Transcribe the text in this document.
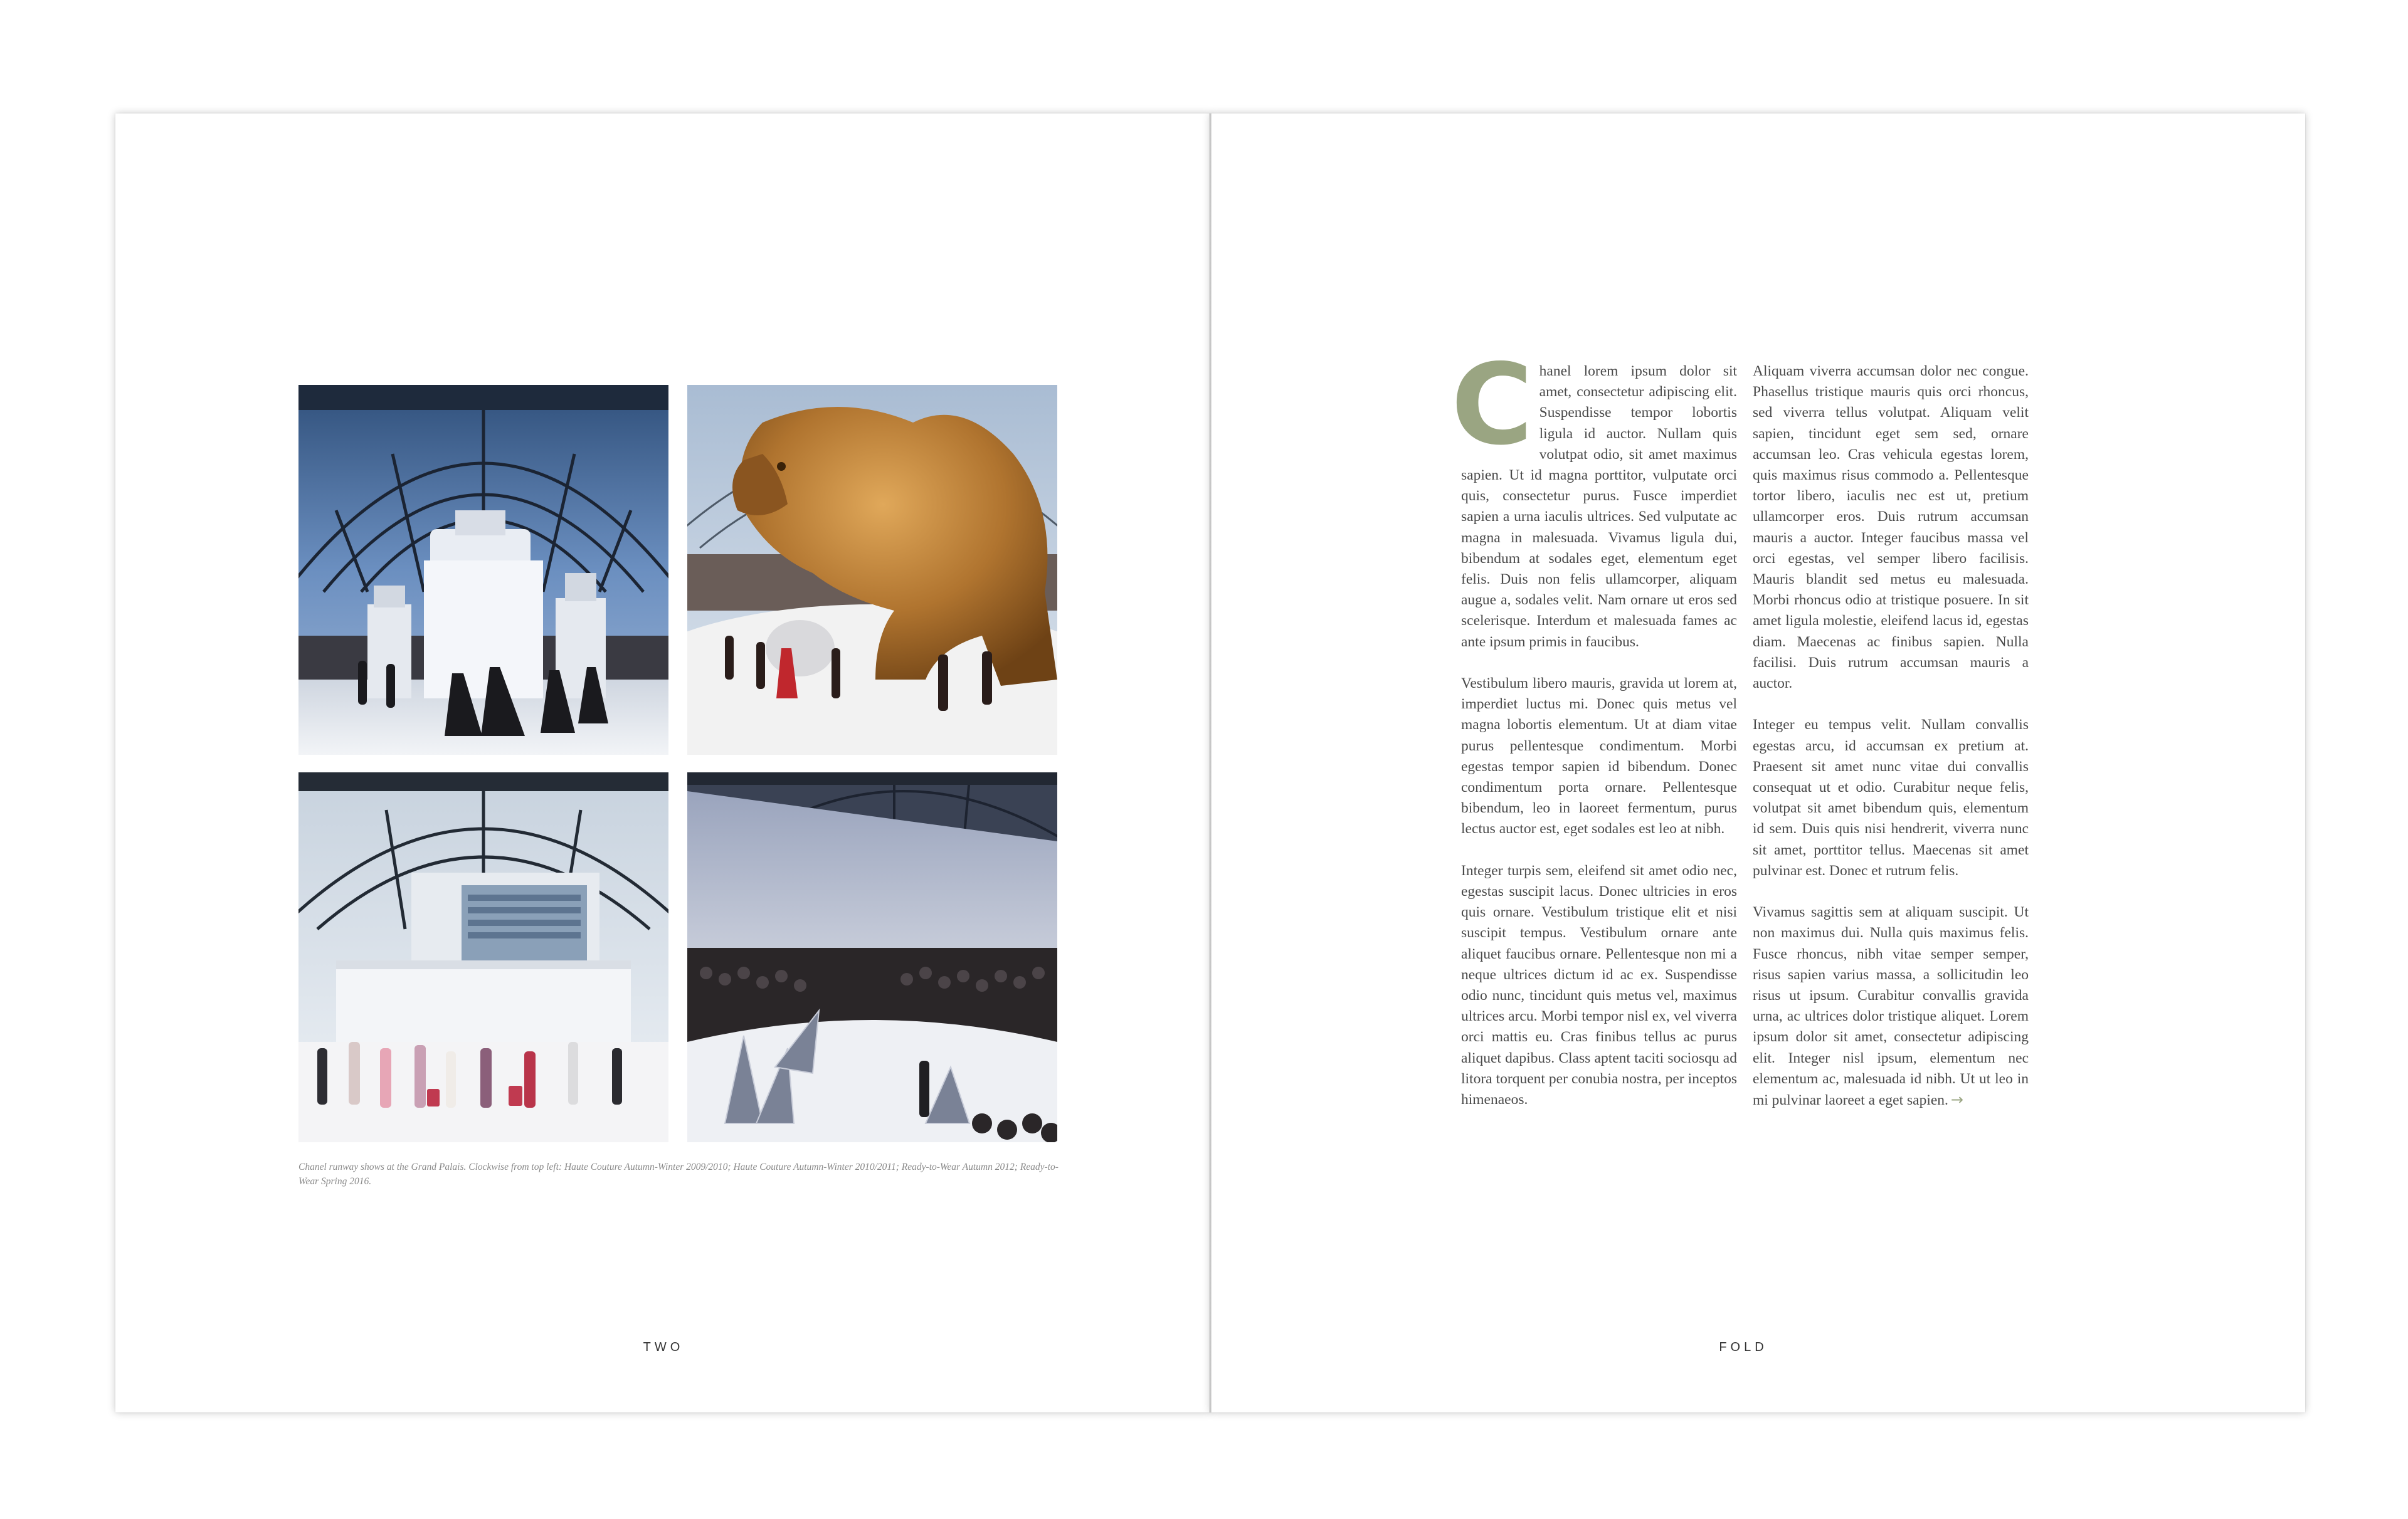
Chanel runway shows at the Grand Palais. Clockwise from top left: Haute Couture Autumn-Winter 2009/2010; Haute Couture Autumn-Winter 2010/2011; Ready-to-Wear Autumn 2012; Ready-to-Wear Spring 2016.

TWO

Chanel lorem ipsum dolor sit amet, consectetur adipiscing elit. Suspendisse tempor lobortis ligula id auctor. Nullam quis volutpat odio, sit amet maximus sapien. Ut id magna porttitor, vulputate orci quis, consectetur purus. Fusce imperdiet sapien a urna iaculis ultrices. Sed vulputate ac magna in malesuada. Vivamus ligula dui, bibendum at sodales eget, elementum eget felis. Duis non felis ullamcorper, aliquam augue a, sodales velit. Nam ornare ut eros sed scelerisque. Interdum et malesuada fames ac ante ipsum primis in faucibus.

Vestibulum libero mauris, gravida ut lorem at, imperdiet luctus mi. Donec quis metus vel magna lobortis elementum. Ut at diam vitae purus pellentesque condimentum. Morbi egestas tempor sapien id bibendum. Donec condimentum porta ornare. Pellentesque bibendum, leo in laoreet fermentum, purus lectus auctor est, eget sodales est leo at nibh.

Integer turpis sem, eleifend sit amet odio nec, egestas suscipit lacus. Donec ultricies in eros quis ornare. Vestibulum tristique elit et nisi suscipit tempus. Vestibulum ornare ante aliquet faucibus ornare. Pellentesque non mi a neque ultrices dictum id ac ex. Suspendisse odio nunc, tincidunt quis metus vel, maximus ultrices arcu. Morbi tempor nisl ex, vel viverra orci mattis eu. Cras finibus tellus ac purus aliquet dapibus. Class aptent taciti sociosqu ad litora torquent per conubia nostra, per inceptos himenaeos.

Aliquam viverra accumsan dolor nec congue. Phasellus tristique mauris quis orci rhoncus, sed viverra tellus volutpat. Aliquam velit sapien, tincidunt eget sem sed, ornare accumsan leo. Cras vehicula egestas lorem, quis maximus risus commodo a. Pellentesque tortor libero, iaculis nec est ut, pretium ullamcorper eros. Duis rutrum accumsan mauris a auctor. Integer faucibus massa vel orci egestas, vel semper libero facilisis. Mauris blandit sed metus eu malesuada. Morbi rhoncus odio at tristique posuere. In sit amet ligula molestie, eleifend lacus id, egestas diam. Maecenas ac finibus sapien. Nulla facilisi. Duis rutrum accumsan mauris a auctor.

Integer eu tempus velit. Nullam convallis egestas arcu, id accumsan ex pretium at. Praesent sit amet nunc vitae dui convallis consequat ut et odio. Curabitur neque felis, volutpat sit amet bibendum quis, elementum id sem. Duis quis nisi hendrerit, viverra nunc sit amet, porttitor tellus. Maecenas sit amet pulvinar est. Donec et rutrum felis.

Vivamus sagittis sem at aliquam suscipit. Ut non maximus dui. Nulla quis maximus felis. Fusce rhoncus, nibh vitae semper semper, risus sapien varius massa, a sollicitudin leo risus ut ipsum. Curabitur convallis gravida urna, ac ultrices dolor tristique aliquet. Lorem ipsum dolor sit amet, consectetur adipiscing elit. Integer nisl ipsum, elementum nec elementum ac, malesuada id nibh. Ut ut leo in mi pulvinar laoreet a eget sapien. →

FOLD
